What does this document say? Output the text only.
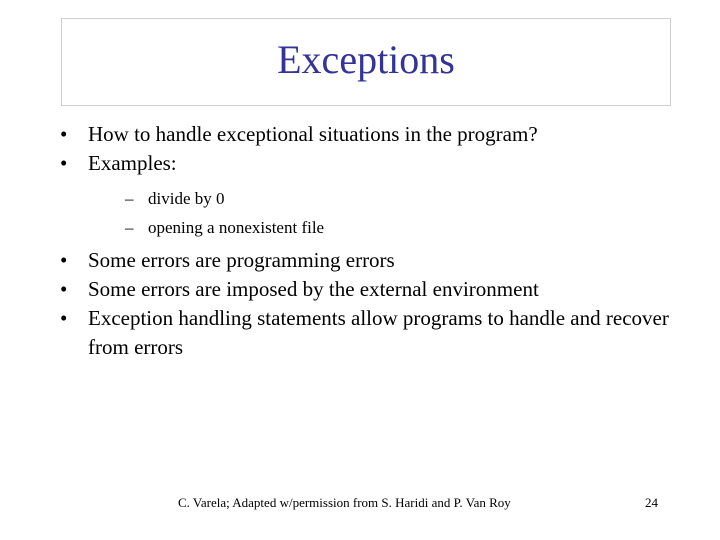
Exceptions
• How to handle exceptional situations in the program?
• Examples:
– divide by 0
– opening a nonexistent file
• Some errors are programming errors
• Some errors are imposed by the external environment
• Exception handling statements allow programs to handle and recover from errors
C. Varela; Adapted w/permission from S. Haridi and P. Van Roy	24
